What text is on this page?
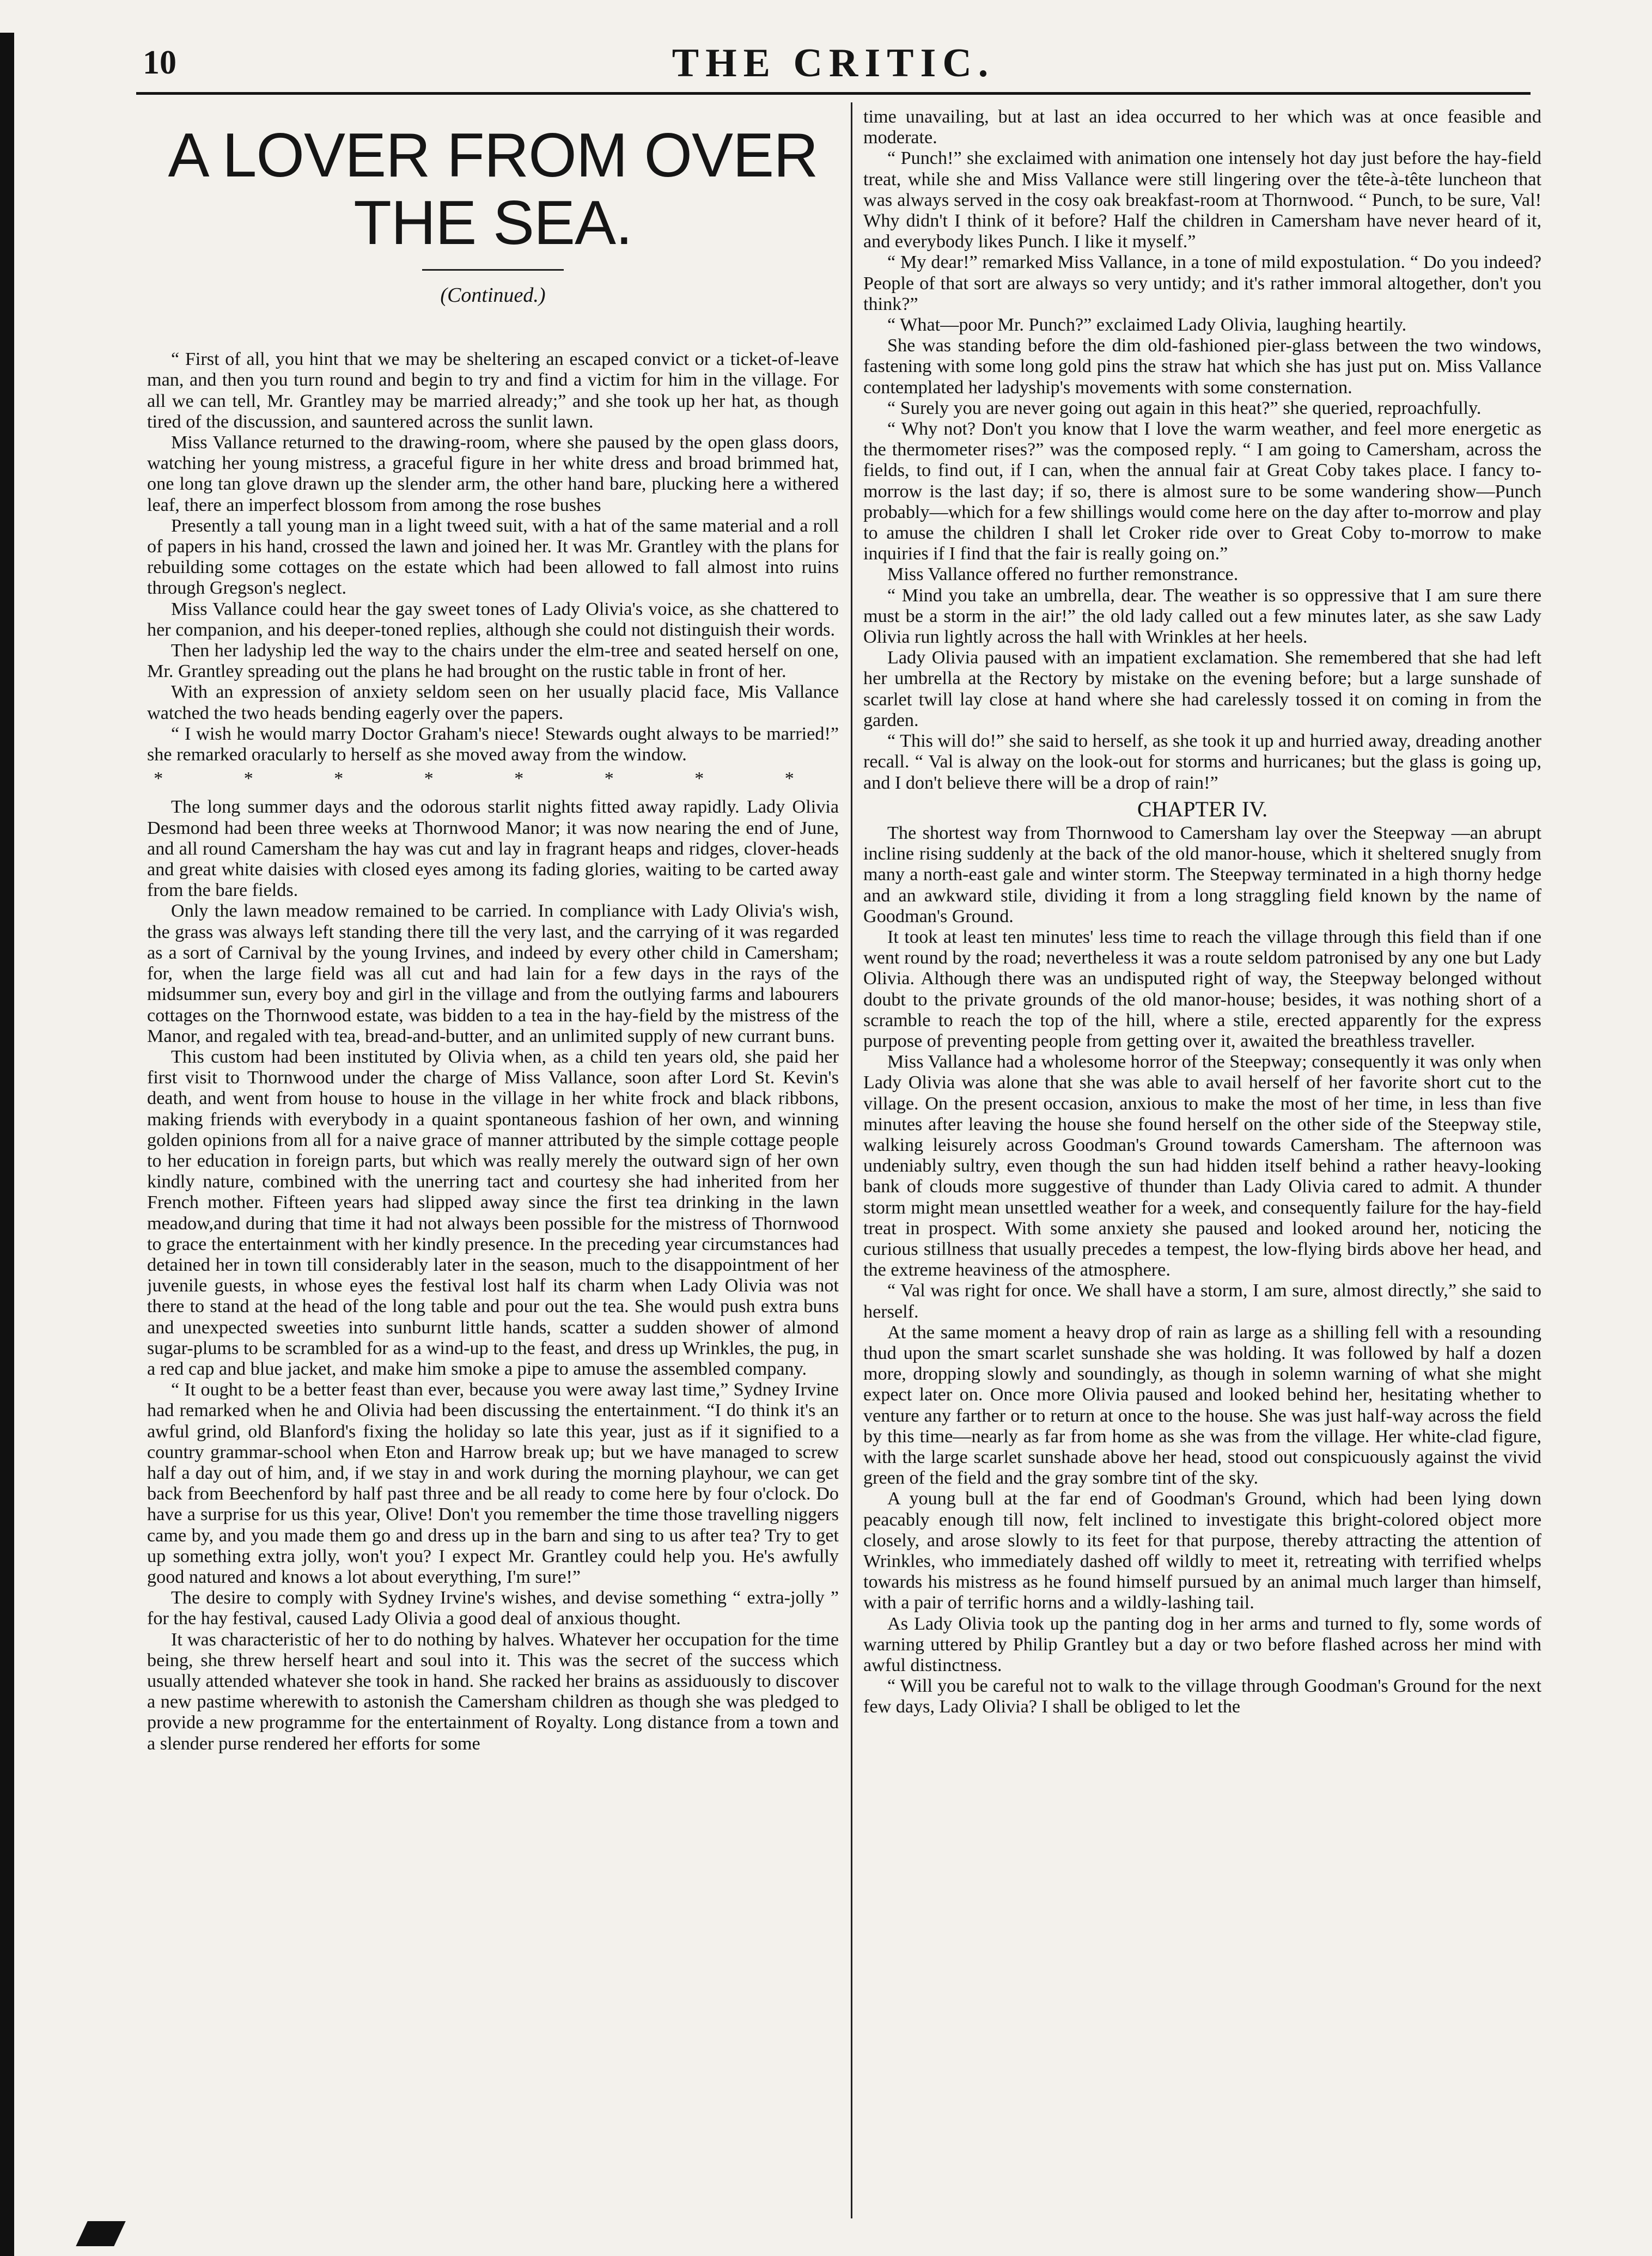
10	THE CRITIC.
A LOVER FROM OVER THE SEA.
(Continued.)

“ First of all, you hint that we may be sheltering an escaped convict or a ticket-of-leave man, and then you turn round and begin to try and find a victim for him in the village. For all we can tell, Mr. Grantley may be married already;” and she took up her hat, as though tired of the discussion, and sauntered across the sunlit lawn.

Miss Vallance returned to the drawing-room, where she paused by the open glass doors, watching her young mistress, a graceful figure in her white dress and broad brimmed hat, one long tan glove drawn up the slender arm, the other hand bare, plucking here a withered leaf, there an imperfect blossom from among the rose bushes

Presently a tall young man in a light tweed suit, with a hat of the same material and a roll of papers in his hand, crossed the lawn and joined her. It was Mr. Grantley with the plans for rebuilding some cottages on the estate which had been allowed to fall almost into ruins through Gregson's neglect.

Miss Vallance could hear the gay sweet tones of Lady Olivia's voice, as she chattered to her companion, and his deeper-toned replies, although she could not distinguish their words.

Then her ladyship led the way to the chairs under the elm-tree and seated herself on one, Mr. Grantley spreading out the plans he had brought on the rustic table in front of her.

With an expression of anxiety seldom seen on her usually placid face, Mis Vallance watched the two heads bending eagerly over the papers.

“ I wish he would marry Doctor Graham's niece! Stewards ought always to be married!” she remarked oracularly to herself as she moved away from the window.

* * * * * * * *

The long summer days and the odorous starlit nights fitted away rapidly. Lady Olivia Desmond had been three weeks at Thornwood Manor; it was now nearing the end of June, and all round Camersham the hay was cut and lay in fragrant heaps and ridges, clover-heads and great white daisies with closed eyes among its fading glories, waiting to be carted away from the bare fields.

Only the lawn meadow remained to be carried. In compliance with Lady Olivia's wish, the grass was always left standing there till the very last, and the carrying of it was regarded as a sort of Carnival by the young Irvines, and indeed by every other child in Camersham; for, when the large field was all cut and had lain for a few days in the rays of the midsummer sun, every boy and girl in the village and from the outlying farms and labourers cottages on the Thornwood estate, was bidden to a tea in the hay-field by the mistress of the Manor, and regaled with tea, bread-and-butter, and an unlimited supply of new currant buns.

This custom had been instituted by Olivia when, as a child ten years old, she paid her first visit to Thornwood under the charge of Miss Vallance, soon after Lord St. Kevin's death, and went from house to house in the village in her white frock and black ribbons, making friends with everybody in a quaint spontaneous fashion of her own, and winning golden opinions from all for a naive grace of manner attributed by the simple cottage people to her education in foreign parts, but which was really merely the outward sign of her own kindly nature, combined with the unerring tact and courtesy she had inherited from her French mother. Fifteen years had slipped away since the first tea drinking in the lawn meadow,and during that time it had not always been possible for the mistress of Thornwood to grace the entertainment with her kindly presence. In the preceding year circumstances had detained her in town till considerably later in the season, much to the disappointment of her juvenile guests, in whose eyes the festival lost half its charm when Lady Olivia was not there to stand at the head of the long table and pour out the tea. She would push extra buns and unexpected sweeties into sunburnt little hands, scatter a sudden shower of almond sugar-plums to be scrambled for as a wind-up to the feast, and dress up Wrinkles, the pug, in a red cap and blue jacket, and make him smoke a pipe to amuse the assembled company.

“ It ought to be a better feast than ever, because you were away last time,” Sydney Irvine had remarked when he and Olivia had been discussing the entertainment. “I do think it's an awful grind, old Blanford's fixing the holiday so late this year, just as if it signified to a country grammar-school when Eton and Harrow break up; but we have managed to screw half a day out of him, and, if we stay in and work during the morning playhour, we can get back from Beechenford by half past three and be all ready to come here by four o'clock. Do have a surprise for us this year, Olive! Don't you remember the time those travelling niggers came by, and you made them go and dress up in the barn and sing to us after tea? Try to get up something extra jolly, won't you? I expect Mr. Grantley could help you. He's awfully good natured and knows a lot about everything, I'm sure!”

The desire to comply with Sydney Irvine's wishes, and devise something “ extra-jolly ” for the hay festival, caused Lady Olivia a good deal of anxious thought.

It was characteristic of her to do nothing by halves. Whatever her occupation for the time being, she threw herself heart and soul into it. This was the secret of the success which usually attended whatever she took in hand. She racked her brains as assiduously to discover a new pastime wherewith to astonish the Camersham children as though she was pledged to provide a new programme for the entertainment of Royalty. Long distance from a town and a slender purse rendered her efforts for some

time unavailing, but at last an idea occurred to her which was at once feasible and moderate.

“ Punch!” she exclaimed with animation one intensely hot day just before the hay-field treat, while she and Miss Vallance were still lingering over the tête-à-tête luncheon that was always served in the cosy oak breakfast-room at Thornwood. “ Punch, to be sure, Val! Why didn't I think of it before? Half the children in Camersham have never heard of it, and everybody likes Punch. I like it myself.”

“ My dear!” remarked Miss Vallance, in a tone of mild expostulation. “ Do you indeed? People of that sort are always so very untidy; and it's rather immoral altogether, don't you think?”

“ What—poor Mr. Punch?” exclaimed Lady Olivia, laughing heartily.

She was standing before the dim old-fashioned pier-glass between the two windows, fastening with some long gold pins the straw hat which she has just put on. Miss Vallance contemplated her ladyship's movements with some consternation.

“ Surely you are never going out again in this heat?” she queried, reproachfully.

“ Why not? Don't you know that I love the warm weather, and feel more energetic as the thermometer rises?” was the composed reply. “ I am going to Camersham, across the fields, to find out, if I can, when the annual fair at Great Coby takes place. I fancy to-morrow is the last day; if so, there is almost sure to be some wandering show—Punch probably—which for a few shillings would come here on the day after to-morrow and play to amuse the children I shall let Croker ride over to Great Coby to-morrow to make inquiries if I find that the fair is really going on.”

Miss Vallance offered no further remonstrance.

“ Mind you take an umbrella, dear. The weather is so oppressive that I am sure there must be a storm in the air!” the old lady called out a few minutes later, as she saw Lady Olivia run lightly across the hall with Wrinkles at her heels.

Lady Olivia paused with an impatient exclamation. She remembered that she had left her umbrella at the Rectory by mistake on the evening before; but a large sunshade of scarlet twill lay close at hand where she had carelessly tossed it on coming in from the garden.

“ This will do!” she said to herself, as she took it up and hurried away, dreading another recall. “ Val is alway on the look-out for storms and hurricanes; but the glass is going up, and I don't believe there will be a drop of rain!”

CHAPTER IV.

The shortest way from Thornwood to Camersham lay over the Steepway —an abrupt incline rising suddenly at the back of the old manor-house, which it sheltered snugly from many a north-east gale and winter storm. The Steepway terminated in a high thorny hedge and an awkward stile, dividing it from a long straggling field known by the name of Goodman's Ground.

It took at least ten minutes' less time to reach the village through this field than if one went round by the road; nevertheless it was a route seldom patronised by any one but Lady Olivia. Although there was an undisputed right of way, the Steepway belonged without doubt to the private grounds of the old manor-house; besides, it was nothing short of a scramble to reach the top of the hill, where a stile, erected apparently for the express purpose of preventing people from getting over it, awaited the breathless traveller.

Miss Vallance had a wholesome horror of the Steepway; consequently it was only when Lady Olivia was alone that she was able to avail herself of her favorite short cut to the village. On the present occasion, anxious to make the most of her time, in less than five minutes after leaving the house she found herself on the other side of the Steepway stile, walking leisurely across Goodman's Ground towards Camersham. The afternoon was undeniably sultry, even though the sun had hidden itself behind a rather heavy-looking bank of clouds more suggestive of thunder than Lady Olivia cared to admit. A thunder storm might mean unsettled weather for a week, and consequently failure for the hay-field treat in prospect. With some anxiety she paused and looked around her, noticing the curious stillness that usually precedes a tempest, the low-flying birds above her head, and the extreme heaviness of the atmosphere.

“ Val was right for once. We shall have a storm, I am sure, almost directly,” she said to herself.

At the same moment a heavy drop of rain as large as a shilling fell with a resounding thud upon the smart scarlet sunshade she was holding. It was followed by half a dozen more, dropping slowly and soundingly, as though in solemn warning of what she might expect later on. Once more Olivia paused and looked behind her, hesitating whether to venture any farther or to return at once to the house. She was just half-way across the field by this time—nearly as far from home as she was from the village. Her white-clad figure, with the large scarlet sunshade above her head, stood out conspicuously against the vivid green of the field and the gray sombre tint of the sky.

A young bull at the far end of Goodman's Ground, which had been lying down peacably enough till now, felt inclined to investigate this bright-colored object more closely, and arose slowly to its feet for that purpose, thereby attracting the attention of Wrinkles, who immediately dashed off wildly to meet it, retreating with terrified whelps towards his mistress as he found himself pursued by an animal much larger than himself, with a pair of terrific horns and a wildly-lashing tail.

As Lady Olivia took up the panting dog in her arms and turned to fly, some words of warning uttered by Philip Grantley but a day or two before flashed across her mind with awful distinctness.

“ Will you be careful not to walk to the village through Goodman's Ground for the next few days, Lady Olivia? I shall be obliged to let the
